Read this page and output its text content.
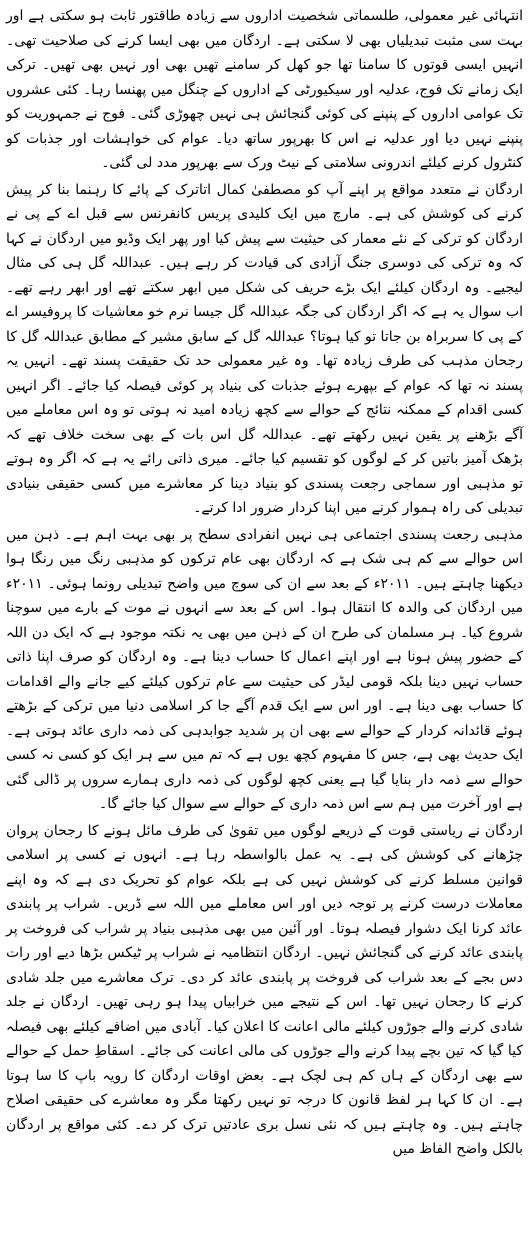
انتہائی غیر معمولی، طلسماتی شخصیت اداروں سے زیادہ طاقتور ثابت ہو سکتی ہے اور بہت سی مثبت تبدیلیاں بھی لا سکتی ہے۔ اردگان میں بھی ایسا کرنے کی صلاحیت تھی۔ انہیں ایسی قوتوں کا سامنا تھا جو کھل کر سامنے تھیں بھی اور نہیں بھی تھیں۔ ترکی ایک زمانے تک فوج، عدلیہ اور سیکیورٹی کے اداروں کے چنگل میں پھنسا رہا۔ کئی عشروں تک عوامی اداروں کے پنپنے کی کوئی گنجائش ہی نہیں چھوڑی گئی۔ فوج نے جمہوریت کو پنپنے نہیں دیا اور عدلیہ نے اس کا بھرپور ساتھ دیا۔ عوام کی خواہشات اور جذبات کو کنٹرول کرنے کیلئے اندرونی سلامتی کے نیٹ ورک سے بھرپور مدد لی گئی۔

اردگان نے متعدد مواقع پر اپنے آپ کو مصطفیٰ کمال اتاترک کے پائے کا رہنما بنا کر پیش کرنے کی کوشش کی ہے۔ مارچ میں ایک کلیدی پریس کانفرنس سے قبل اے کے پی نے اردگان کو ترکی کے نئے معمار کی حیثیت سے پیش کیا اور پھر ایک وڈیو میں اردگان نے کہا کہ وہ ترکی کی دوسری جنگ آزادی کی قیادت کر رہے ہیں۔ عبداللہ گل ہی کی مثال لیجیے۔ وہ اردگان کیلئے ایک بڑے حریف کی شکل میں ابھر سکتے تھے اور ابھر رہے تھے۔ اب سوال یہ ہے کہ اگر اردگان کی جگہ عبداللہ گل جیسا نرم خو معاشیات کا پروفیسر اے کے پی کا سربراہ بن جاتا تو کیا ہوتا؟ عبداللہ گل کے سابق مشیر کے مطابق عبداللہ گل کا رجحان مذہب کی طرف زیادہ تھا۔ وہ غیر معمولی حد تک حقیقت پسند تھے۔ انہیں یہ پسند نہ تھا کہ عوام کے بپھرے ہوئے جذبات کی بنیاد پر کوئی فیصلہ کیا جائے۔ اگر انہیں کسی اقدام کے ممکنہ نتائج کے حوالے سے کچھ زیادہ امید نہ ہوتی تو وہ اس معاملے میں آگے بڑھنے پر یقین نہیں رکھتے تھے۔ عبداللہ گل اس بات کے بھی سخت خلاف تھے کہ بڑھک آمیز باتیں کر کے لوگوں کو تقسیم کیا جائے۔ میری ذاتی رائے یہ ہے کہ اگر وہ ہوتے تو مذہبی اور سماجی رجعت پسندی کو بنیاد دینا کر معاشرے میں کسی حقیقی بنیادی تبدیلی کی راہ ہموار کرنے میں اپنا کردار ضرور ادا کرتے۔

مذہبی رجعت پسندی اجتماعی ہی نہیں انفرادی سطح پر بھی بہت اہم ہے۔ ذہن میں اس حوالے سے کم ہی شک ہے کہ اردگان بھی عام ترکوں کو مذہبی رنگ میں رنگا ہوا دیکھنا چاہتے ہیں۔ ۲۰۱۱ء کے بعد سے ان کی سوچ میں واضح تبدیلی رونما ہوئی۔ ۲۰۱۱ء میں اردگان کی والدہ کا انتقال ہوا۔ اس کے بعد سے انہوں نے موت کے بارے میں سوچنا شروع کیا۔ ہر مسلمان کی طرح ان کے ذہن میں بھی یہ نکتہ موجود ہے کہ ایک دن اللہ کے حضور پیش ہونا ہے اور اپنے اعمال کا حساب دینا ہے۔ وہ اردگان کو صرف اپنا ذاتی حساب نہیں دینا بلکہ قومی لیڈر کی حیثیت سے عام ترکوں کیلئے کیے جانے والے اقدامات کا حساب بھی دینا ہے۔ اور اس سے ایک قدم آگے جا کر اسلامی دنیا میں ترکی کے بڑھتے ہوئے قائدانہ کردار کے حوالے سے بھی ان پر شدید جوابدہی کی ذمہ داری عائد ہوتی ہے۔ ایک حدیث بھی ہے، جس کا مفہوم کچھ یوں ہے کہ تم میں سے ہر ایک کو کسی نہ کسی حوالے سے ذمہ دار بنایا گیا ہے یعنی کچھ لوگوں کی ذمہ داری ہمارے سروں پر ڈالی گئی ہے اور آخرت میں ہم سے اس ذمہ داری کے حوالے سے سوال کیا جائے گا۔

اردگان نے ریاستی قوت کے ذریعے لوگوں میں تقویٰ کی طرف مائل ہونے کا رجحان پروان چڑھانے کی کوشش کی ہے۔ یہ عمل بالواسطہ رہا ہے۔ انہوں نے کسی پر اسلامی قوانین مسلط کرنے کی کوشش نہیں کی ہے بلکہ عوام کو تحریک دی ہے کہ وہ اپنے معاملات درست کرنے پر توجہ دیں اور اس معاملے میں اللہ سے ڈریں۔ شراب پر پابندی عائد کرنا ایک دشوار فیصلہ ہوتا۔ اور آئین میں بھی مذہبی بنیاد پر شراب کی فروخت پر پابندی عائد کرنے کی گنجائش نہیں۔ اردگان انتظامیہ نے شراب پر ٹیکس بڑھا دیے اور رات دس بجے کے بعد شراب کی فروخت پر پابندی عائد کر دی۔ ترک معاشرے میں جلد شادی کرنے کا رجحان نہیں تھا۔ اس کے نتیجے میں خرابیاں پیدا ہو رہی تھیں۔ اردگان نے جلد شادی کرنے والے جوڑوں کیلئے مالی اعانت کا اعلان کیا۔ آبادی میں اضافے کیلئے بھی فیصلہ کیا گیا کہ تین بچے پیدا کرنے والے جوڑوں کی مالی اعانت کی جائے۔ اسقاطِ حمل کے حوالے سے بھی اردگان کے ہاں کم ہی لچک ہے۔ بعض اوقات اردگان کا رویہ باپ کا سا ہوتا ہے۔ ان کا کہا ہر لفظ قانون کا درجہ تو نہیں رکھتا مگر وہ معاشرے کی حقیقی اصلاح چاہتے ہیں۔ وہ چاہتے ہیں کہ نئی نسل بری عادتیں ترک کر دے۔ کئی مواقع پر اردگان بالکل واضح الفاظ میں
